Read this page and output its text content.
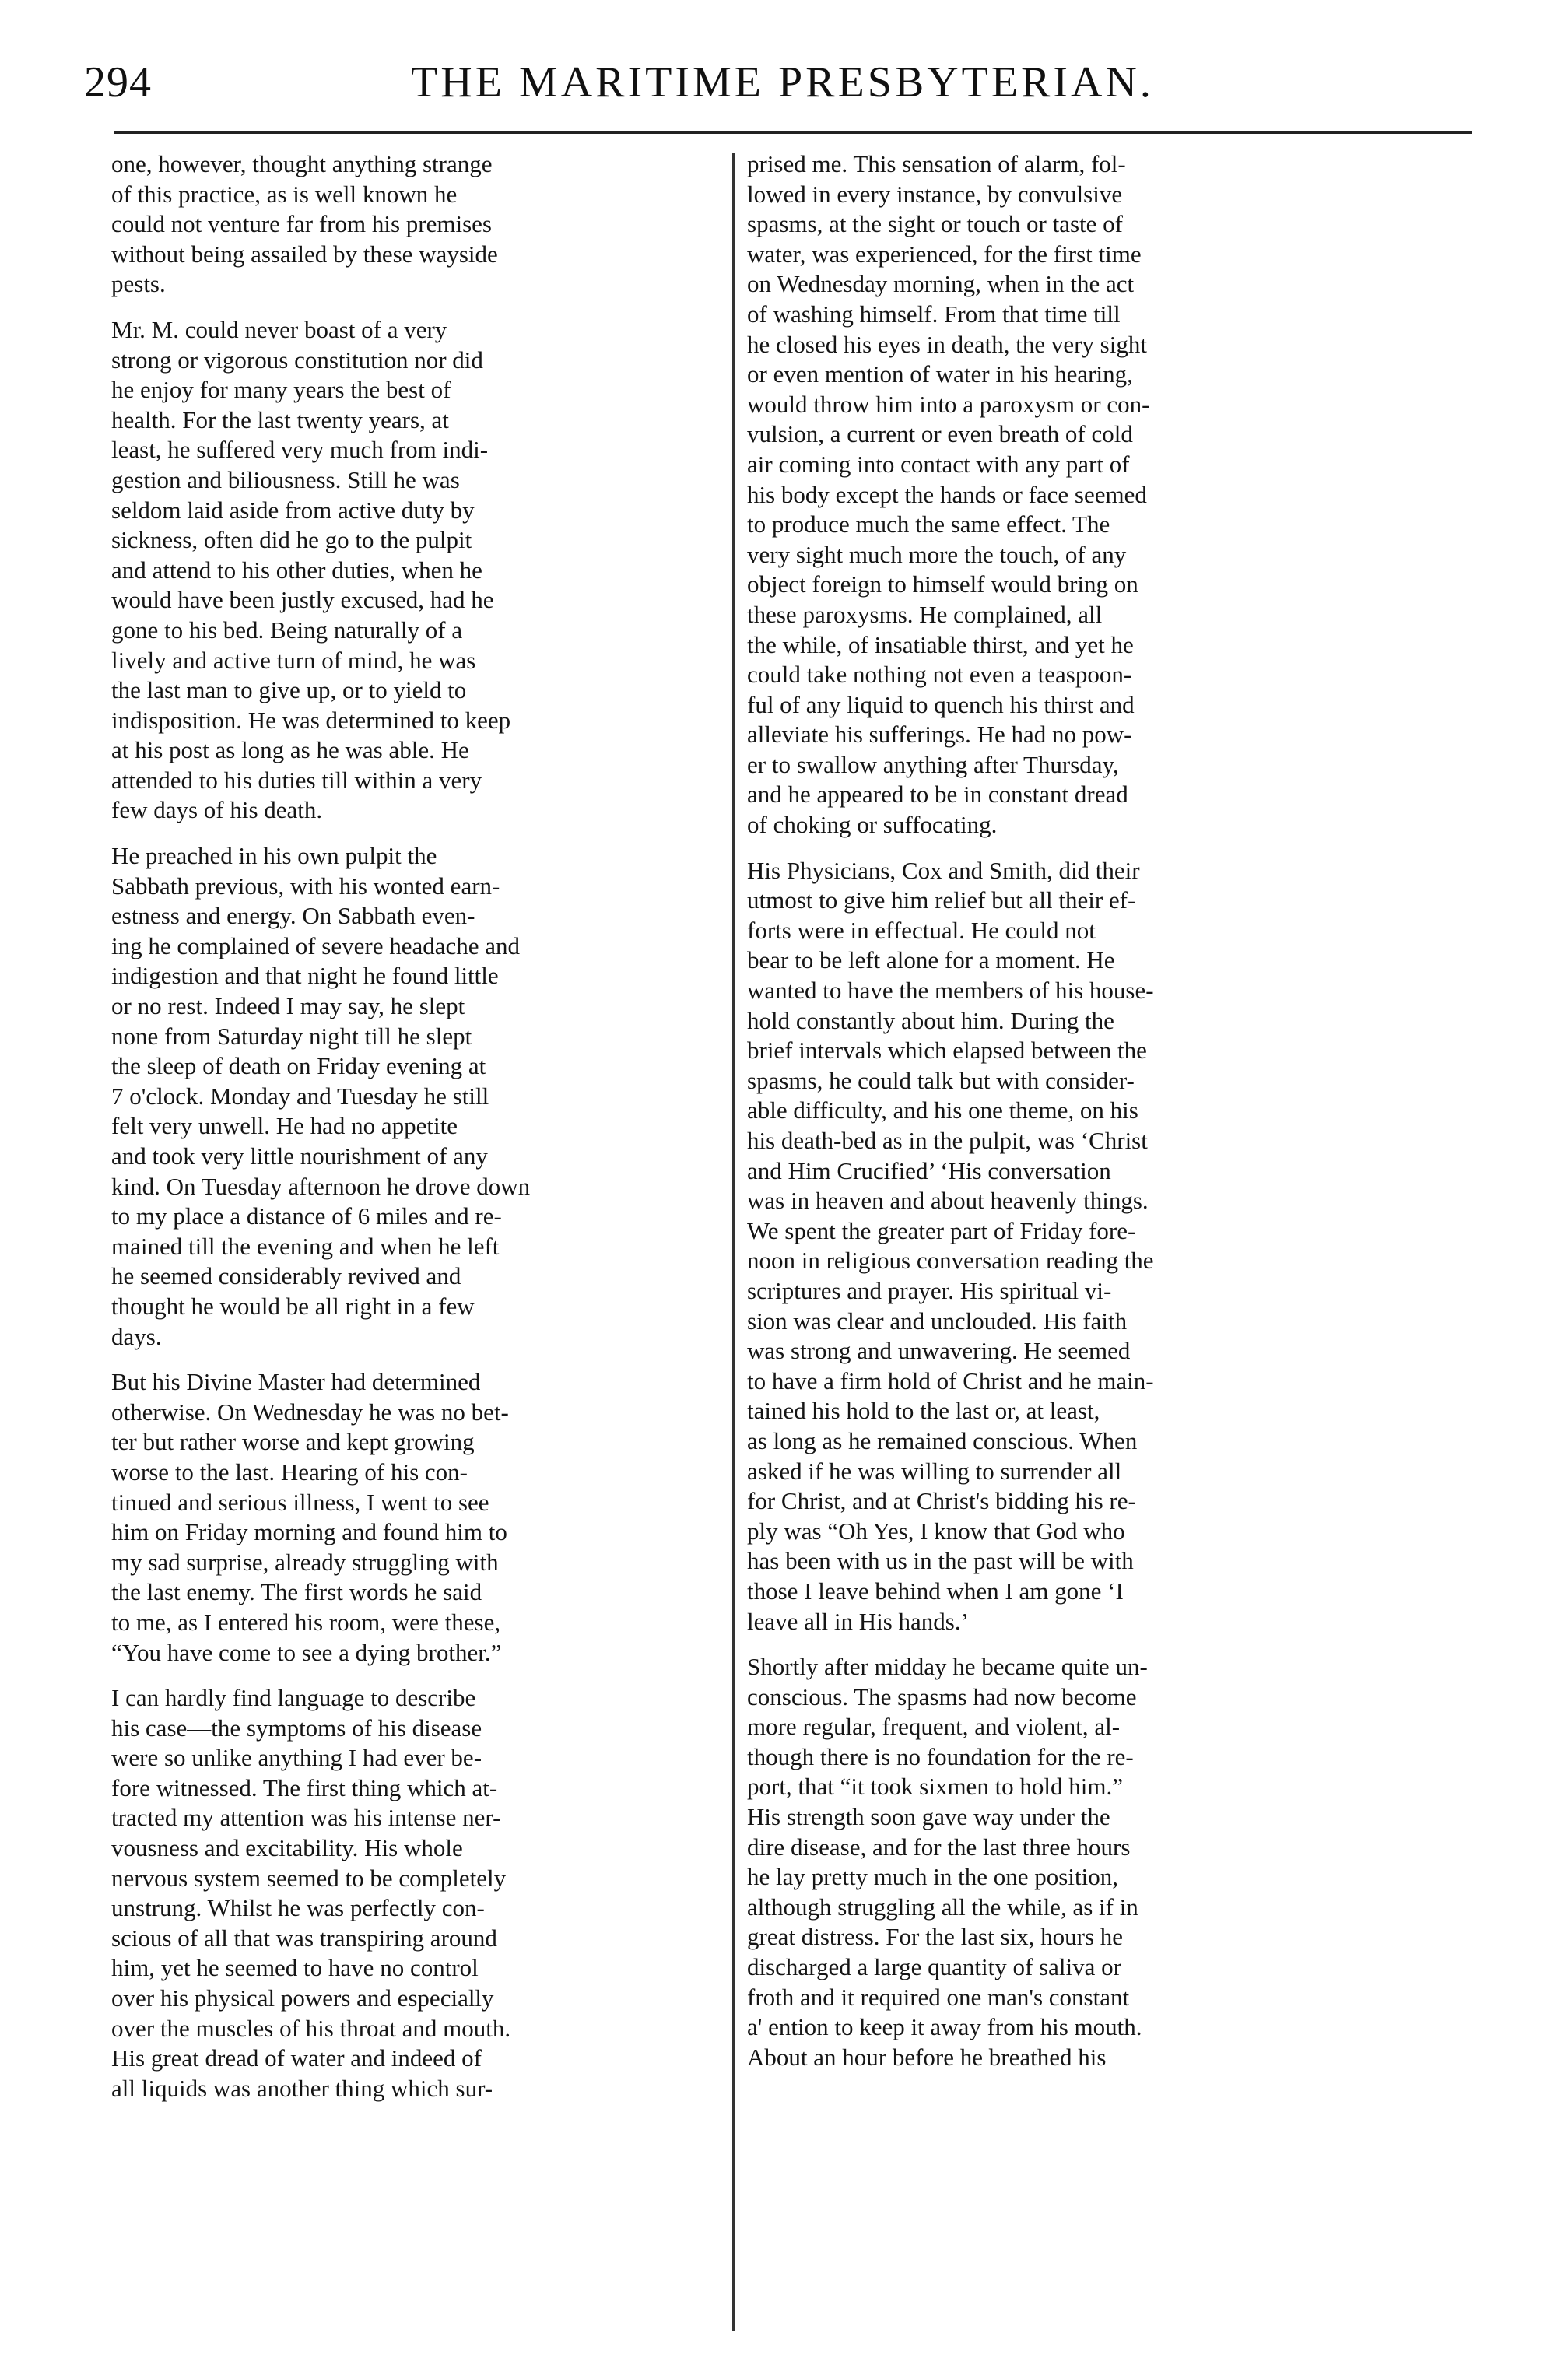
294	THE MARITIME PRESBYTERIAN.

one, however, thought anything strange
of this practice, as is well known he
could not venture far from his premises
without being assailed by these wayside
pests.

Mr. M. could never boast of a very
strong or vigorous constitution nor did
he enjoy for many years the best of
health. For the last twenty years, at
least, he suffered very much from indi-
gestion and biliousness. Still he was
seldom laid aside from active duty by
sickness, often did he go to the pulpit
and attend to his other duties, when he
would have been justly excused, had he
gone to his bed. Being naturally of a
lively and active turn of mind, he was
the last man to give up, or to yield to
indisposition. He was determined to keep
at his post as long as he was able. He
attended to his duties till within a very
few days of his death.

He preached in his own pulpit the
Sabbath previous, with his wonted earn-
estness and energy. On Sabbath even-
ing he complained of severe headache and
indigestion and that night he found little
or no rest. Indeed I may say, he slept
none from Saturday night till he slept
the sleep of death on Friday evening at
7 o'clock. Monday and Tuesday he still
felt very unwell. He had no appetite
and took very little nourishment of any
kind. On Tuesday afternoon he drove down
to my place a distance of 6 miles and re-
mained till the evening and when he left
he seemed considerably revived and
thought he would be all right in a few
days.

But his Divine Master had determined
otherwise. On Wednesday he was no bet-
ter but rather worse and kept growing
worse to the last. Hearing of his con-
tinued and serious illness, I went to see
him on Friday morning and found him to
my sad surprise, already struggling with
the last enemy. The first words he said
to me, as I entered his room, were these,
“You have come to see a dying brother.”

I can hardly find language to describe
his case—the symptoms of his disease
were so unlike anything I had ever be-
fore witnessed. The first thing which at-
tracted my attention was his intense ner-
vousness and excitability. His whole
nervous system seemed to be completely
unstrung. Whilst he was perfectly con-
scious of all that was transpiring around
him, yet he seemed to have no control
over his physical powers and especially
over the muscles of his throat and mouth.
His great dread of water and indeed of
all liquids was another thing which sur-

prised me. This sensation of alarm, fol-
lowed in every instance, by convulsive
spasms, at the sight or touch or taste of
water, was experienced, for the first time
on Wednesday morning, when in the act
of washing himself. From that time till
he closed his eyes in death, the very sight
or even mention of water in his hearing,
would throw him into a paroxysm or con-
vulsion, a current or even breath of cold
air coming into contact with any part of
his body except the hands or face seemed
to produce much the same effect. The
very sight much more the touch, of any
object foreign to himself would bring on
these paroxysms. He complained, all
the while, of insatiable thirst, and yet he
could take nothing not even a teaspoon-
ful of any liquid to quench his thirst and
alleviate his sufferings. He had no pow-
er to swallow anything after Thursday,
and he appeared to be in constant dread
of choking or suffocating.

His Physicians, Cox and Smith, did their
utmost to give him relief but all their ef-
forts were in effectual. He could not
bear to be left alone for a moment. He
wanted to have the members of his house-
hold constantly about him. During the
brief intervals which elapsed between the
spasms, he could talk but with consider-
able difficulty, and his one theme, on his
his death-bed as in the pulpit, was ‘Christ
and Him Crucified’ ‘His conversation
was in heaven and about heavenly things.
We spent the greater part of Friday fore-
noon in religious conversation reading the
scriptures and prayer. His spiritual vi-
sion was clear and unclouded. His faith
was strong and unwavering. He seemed
to have a firm hold of Christ and he main-
tained his hold to the last or, at least,
as long as he remained conscious. When
asked if he was willing to surrender all
for Christ, and at Christ's bidding his re-
ply was “Oh Yes, I know that God who
has been with us in the past will be with
those I leave behind when I am gone ‘I
leave all in His hands.’

Shortly after midday he became quite un-
conscious. The spasms had now become
more regular, frequent, and violent, al-
though there is no foundation for the re-
port, that “it took sixmen to hold him.”
His strength soon gave way under the
dire disease, and for the last three hours
he lay pretty much in the one position,
although struggling all the while, as if in
great distress. For the last six, hours he
discharged a large quantity of saliva or
froth and it required one man's constant
a' ention to keep it away from his mouth.
About an hour before he breathed his
